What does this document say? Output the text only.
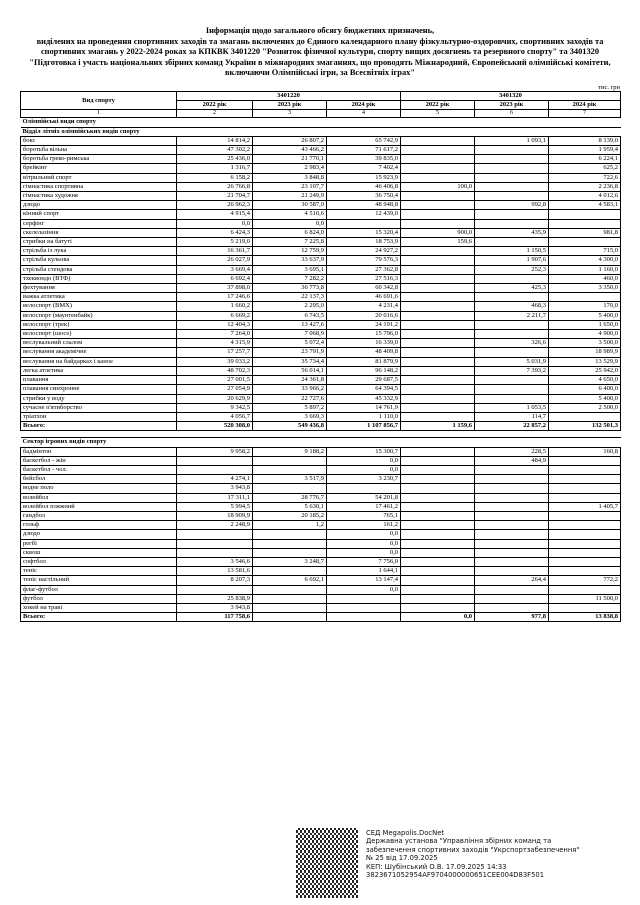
Інформація щодо загального обсягу бюджетних призначень,
виділених на проведення спортивних заходів та змагань включених до Єдиного календарного плану фізкультурно-оздоровчих, спортивних заходів та спортивних змагань у 2022-2024 роках за КПКВК 3401220 "Розвиток фізичної культури, спорту вищих досягнень та резервного спорту" та 3401320 "Підготовка і участь національних збірних команд України в міжнародних змаганнях, що проводять Міжнародний, Європейський олімпійські комітети, включаючи Олімпійські ігри, за Всесвітніх іграх"
тис. грн
Вид спорту	3401220			3401320		
	2022 рік	2023 рік	2024 рік	2022 рік	2023 рік	2024 рік
1	2	3	4	5	6	7
Олімпійські види спорту						
Відділ літніх олімпійських видів спорту						
бокс	14 814,2	26 807,2	65 742,9		1 093,1	8 139,0
боротьба вільна	47 302,2	43 466,2	71 617,2			1 959,4
боротьба греко-римська	25 436,0	21 770,1	39 835,0			6 224,1
брейкінг	1 316,7	2 983,4	7 402,4			625,2
вітрильний спорт	6 158,2	3 848,8	15 923,9			722,6
гімнастика спортивна	26 766,8	23 107,7	46 406,8	100,0		2 236,8
гімнастика художня	21 704,7	21 249,9	36 750,4			4 012,6
дзюдо	26 962,3	30 587,0	48 948,8		992,8	4 583,1
кінний спорт	4 915,4	4 510,6	12 439,0			
серфінг	0,0	0,0				
скелелазіння	6 424,3	6 824,0	15 320,4	900,0	435,9	981,8
стрибки на батуті	5 219,0	7 225,8	18 753,9	159,6		
стрільба із лука	16 361,7	12 759,9	24 927,2		1 150,5	715,0
стрільба кульова	26 027,9	33 637,9	79 576,3		1 907,6	4 300,0
стрільба стендова	3 669,4	3 695,1	27 362,8		252,3	1 160,0
тхеквондо (ВТФ)	6 692,4	7 282,2	27 516,3			460,0
фехтування	37 898,0	36 773,8	60 342,8		425,3	3 350,0
важка атлетика	17 246,6	22 137,3	46 691,6			
велоспорт (ВМХ)	1 660,2	2 295,0	4 231,4		468,3	170,0
велоспорт (маунтенбайк)	6 669,2	6 743,5	20 016,6		2 211,7	5 400,0
велоспорт (трек)	12 404,3	13 427,6	24 191,2			1 650,0
велоспорт (шосе)	7 264,0	7 068,9	15 796,0			4 900,0
веслувальний слалом	4 315,9	5 072,4	16 339,0		326,6	3 500,0
веслування академічне	17 257,7	23 791,9	48 409,8			18 989,9
веслування на байдарках і каное	39 033,2	35 734,4	81 879,9		5 031,9	13 529,9
легка атлетика	48 702,3	56 014,1	96 148,2		7 393,2	25 942,0
плавання	27 001,5	24 361,8	29 687,5			4 650,0
плавання синхронне	27 054,9	33 966,2	64 394,5			6 400,0
стрибки у воду	20 629,9	22 727,6	45 332,9			5 400,0
сучасне п'ятиборство	9 342,5	5 897,2	14 761,9		1 053,5	2 500,0
тріатлон	4 056,7	3 669,3	1 110,0		114,7	
Всього:	520 308,0	549 436,8	1 107 856,7	1 159,6	22 857,2	132 501,3

Сектор ігрових видів спорту						
бадмінтон	9 958,2	9 188,2	15 300,7		228,5	160,8
баскетбол - жін			0,0		484,9	
баскетбол - чол.			0,0			
бейсбол	4 274,1	3 517,9	3 230,7			
водне поло	3 943,8					
волейбол	17 311,1	28 776,7	54 201,8			
волейбол пляжний	5 994,5	5 630,1	17 461,2			1 405,7
гандбол	18 909,9	20 185,2	765,1			
гольф	2 248,9	1,2	161,2			
дзюдо			0,0			
регбі			0,0			
сквош			0,0			
софтбол	3 546,6	3 248,7	7 756,0			
теніс	13 581,6		1 644,1			
теніс настільний	8 207,3	6 692,1	13 147,4		264,4	772,2
флаг-футбол			0,0			
футбол	25 838,9					11 500,0
хокей на траві	3 943,8					
Всього:	117 758,6			0,0	977,8	13 838,8
СЕД Megapolis.DocNet
Державна установа "Управління збірних команд та
забезпечення спортивних заходів "Укрспортзабезпечення"
№ 25 від 17.09.2025
КЕП: Шубінський О.В. 17.09.2025 14:33
3823671052954AF9704000000651CEE004D83F501
